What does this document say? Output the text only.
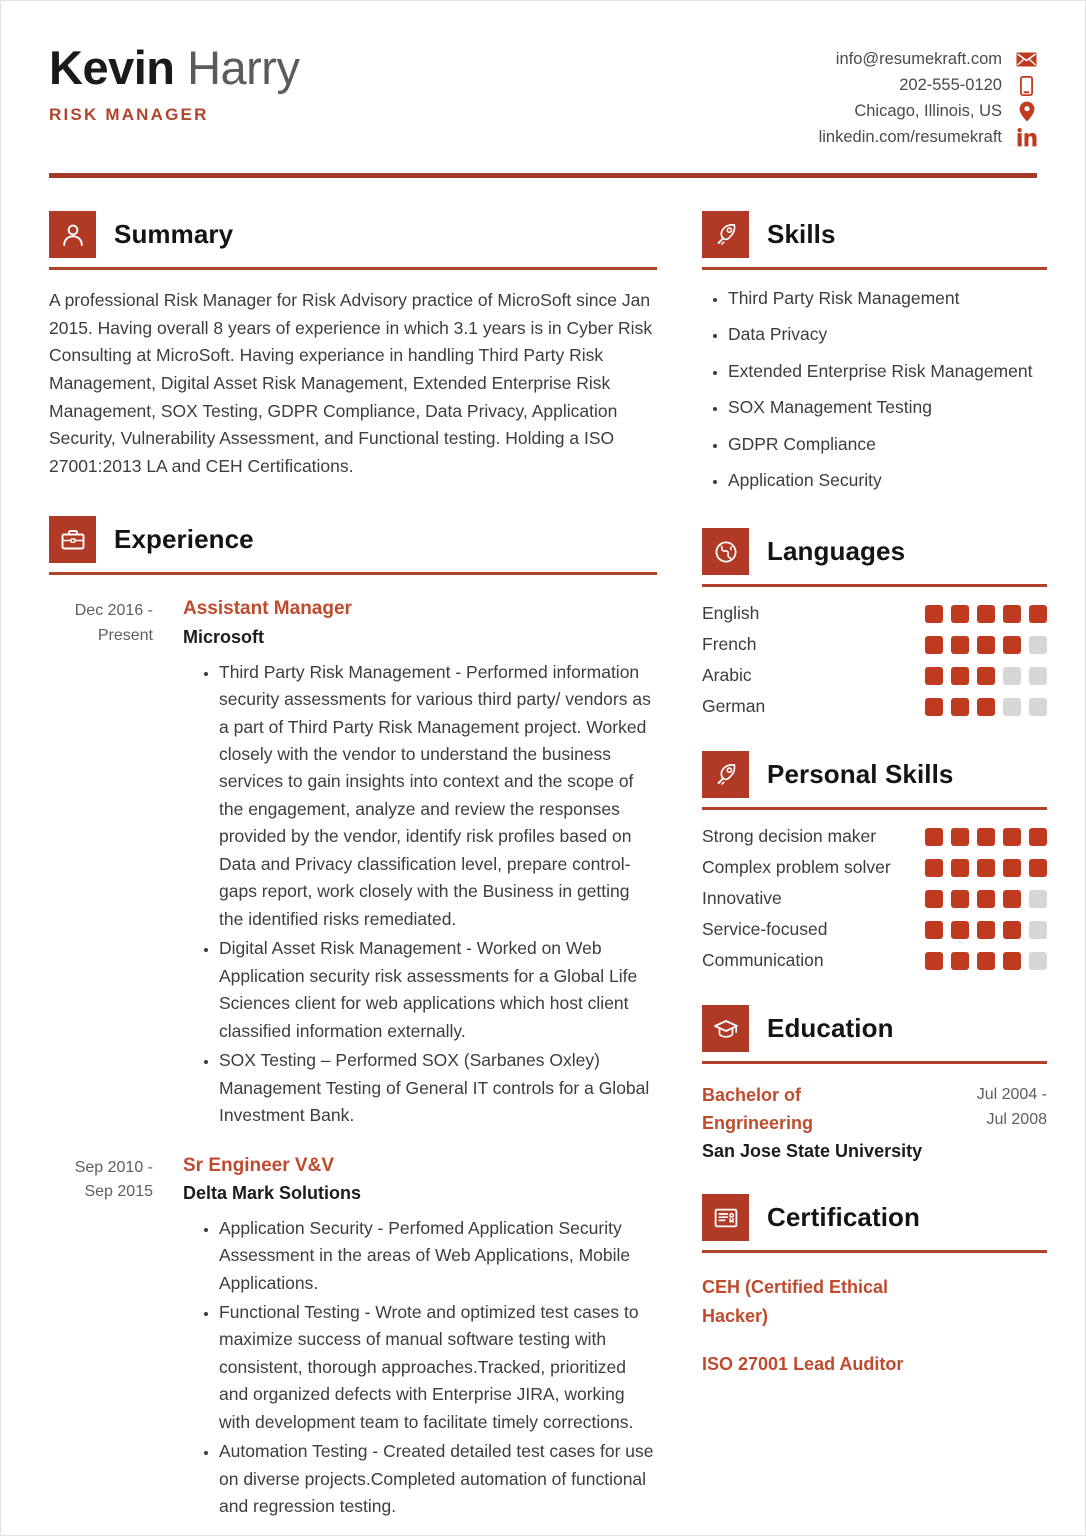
Kevin Harry
RISK MANAGER
info@resumekraft.com
202-555-0120
Chicago, Illinois, US
linkedin.com/resumekraft
Summary
A professional Risk Manager for Risk Advisory practice of MicroSoft since Jan 2015. Having overall 8 years of experience in which 3.1 years is in Cyber Risk Consulting at MicroSoft. Having experiance in handling Third Party Risk Management, Digital Asset Risk Management, Extended Enterprise Risk Management, SOX Testing, GDPR Compliance, Data Privacy, Application Security, Vulnerability Assessment, and Functional testing. Holding a ISO 27001:2013 LA and CEH Certifications.
Experience
Dec 2016 -
Present
Assistant Manager
Microsoft
• Third Party Risk Management - Performed information security assessments for various third party/ vendors as a part of Third Party Risk Management project. Worked closely with the vendor to understand the business services to gain insights into context and the scope of the engagement, analyze and review the responses provided by the vendor, identify risk profiles based on Data and Privacy classification level, prepare control-gaps report, work closely with the Business in getting the identified risks remediated.
• Digital Asset Risk Management - Worked on Web Application security risk assessments for a Global Life Sciences client for web applications which host client classified information externally.
• SOX Testing – Performed SOX (Sarbanes Oxley) Management Testing of General IT controls for a Global Investment Bank.
Sep 2010 -
Sep 2015
Sr Engineer V&V
Delta Mark Solutions
• Application Security - Perfomed Application Security Assessment in the areas of Web Applications, Mobile Applications.
• Functional Testing - Wrote and optimized test cases to maximize success of manual software testing with consistent, thorough approaches.Tracked, prioritized and organized defects with Enterprise JIRA, working with development team to facilitate timely corrections.
• Automation Testing - Created detailed test cases for use on diverse projects.Completed automation of functional and regression testing.
Skills
• Third Party Risk Management
• Data Privacy
• Extended Enterprise Risk Management
• SOX Management Testing
• GDPR Compliance
• Application Security
Languages
English
French
Arabic
German
Personal Skills
Strong decision maker
Complex problem solver
Innovative
Service-focused
Communication
Education
Bachelor of Engrineering
Jul 2004 -
Jul 2008
San Jose State University
Certification
CEH (Certified Ethical Hacker)
ISO 27001 Lead Auditor
